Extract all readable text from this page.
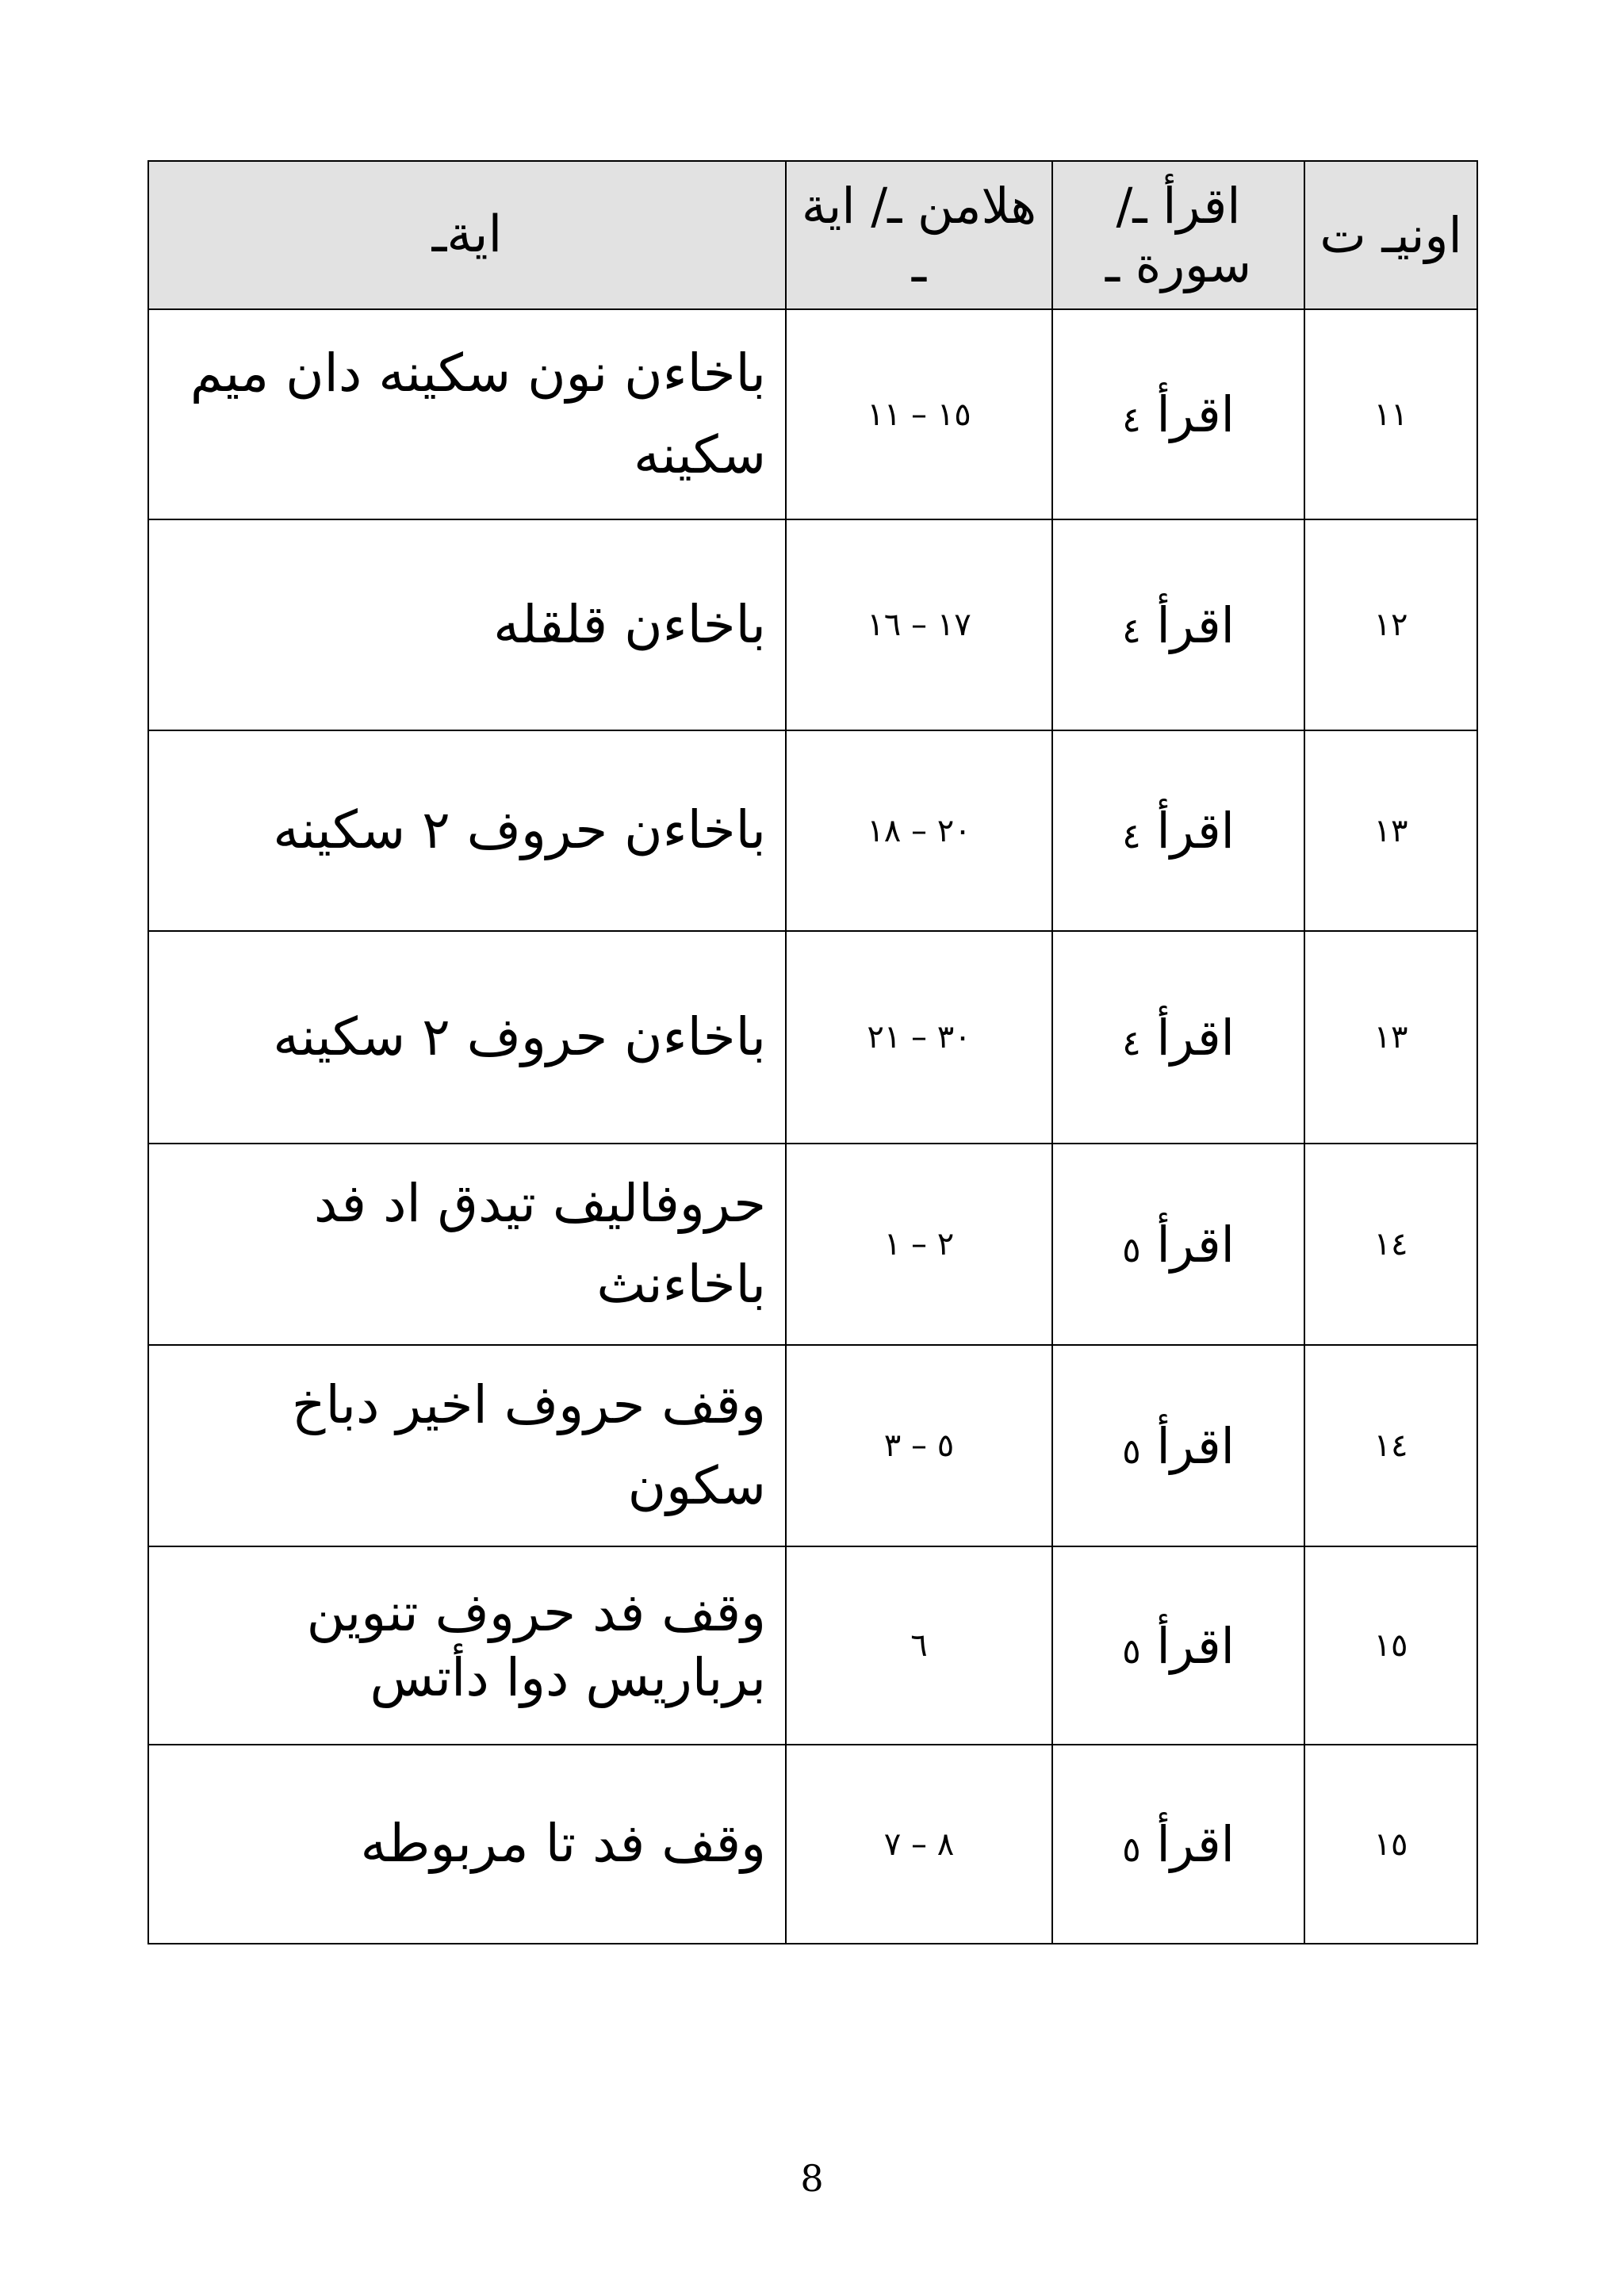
اونيـ ت	اقرأ ـ/ سورة ـ	هلامن ـ/ اية ـ	ايةـ
١١	اقرأ ٤	١٥ – ١١	باخاءن نون سكينه دان ميم سكينه
١٢	اقرأ ٤	١٧ – ١٦	باخاءن قلقله
١٣	اقرأ ٤	٢٠ – ١٨	باخاءن حروف ٢ سكينه
١٣	اقرأ ٤	٣٠ – ٢١	باخاءن حروف ٢ سكينه
١٤	اقرأ ٥	٢ – ١	حروفاليف تيدق اد فد باخاءنث
١٤	اقرأ ٥	٥ – ٣	وقف حروف اخير دباخ سكون
١٥	اقرأ ٥	٦	وقف فد حروف تنوين برباريس دوا دأتس
١٥	اقرأ ٥	٨ – ٧	وقف فد تا مربوطه
8
